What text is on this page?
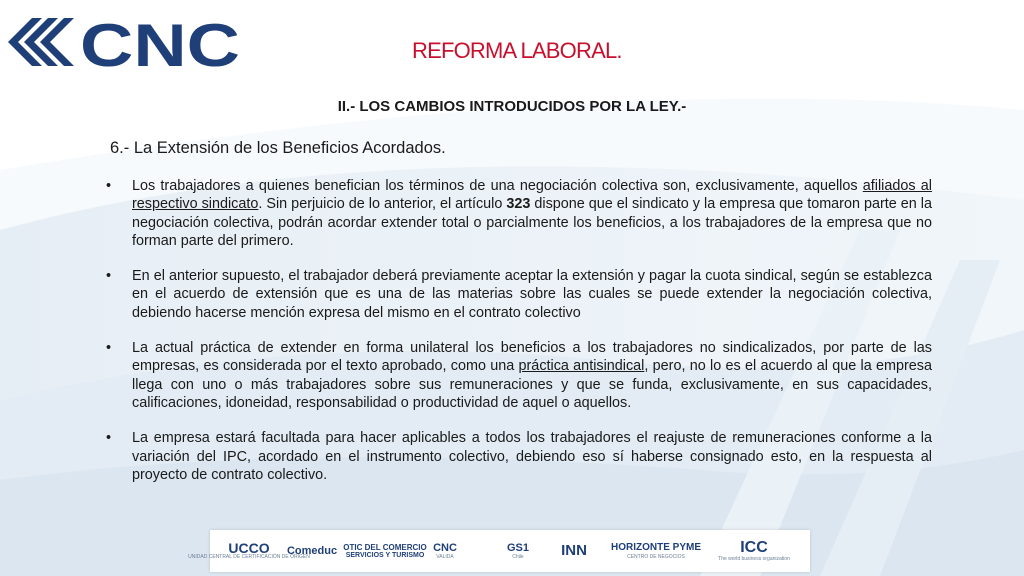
CNC	REFORMA LABORAL.
II.- LOS CAMBIOS INTRODUCIDOS POR LA LEY.-
6.- La Extensión de los Beneficios Acordados.
• Los trabajadores a quienes benefician los términos de una negociación colectiva son, exclusivamente, aquellos afiliados al respectivo sindicato. Sin perjuicio de lo anterior, el artículo 323 dispone que el sindicato y la empresa que tomaron parte en la negociación colectiva, podrán acordar extender total o parcialmente los beneficios, a los trabajadores de la empresa que no forman parte del primero.
• En el anterior supuesto, el trabajador deberá previamente aceptar la extensión y pagar la cuota sindical, según se establezca en el acuerdo de extensión que es una de las materias sobre las cuales se puede extender la negociación colectiva, debiendo hacerse mención expresa del mismo en el contrato colectivo
• La actual práctica de extender en forma unilateral los beneficios a los trabajadores no sindicalizados, por parte de las empresas, es considerada por el texto aprobado, como una práctica antisindical, pero, no lo es el acuerdo al que la empresa llega con uno o más trabajadores sobre sus remuneraciones y que se funda, exclusivamente, en sus capacidades, calificaciones, idoneidad, responsabilidad o productividad de aquel o aquellos.
• La empresa estará facultada para hacer aplicables a todos los trabajadores el reajuste de remuneraciones conforme a la variación del IPC, acordado en el instrumento colectivo, debiendo eso sí haberse consignado esto, en la respuesta al proyecto de contrato colectivo.
UCCO
UNIDAD CENTRAL DE CERTIFICACIÓN DE ORIGEN
Comeduc OTIC DEL COMERCIO
SERVICIOS Y TURISMO
CNC
VALIDA
GS1
Chile INN HORIZONTE PYME
CENTRO DE NEGOCIOS
ICC
The world business organization
